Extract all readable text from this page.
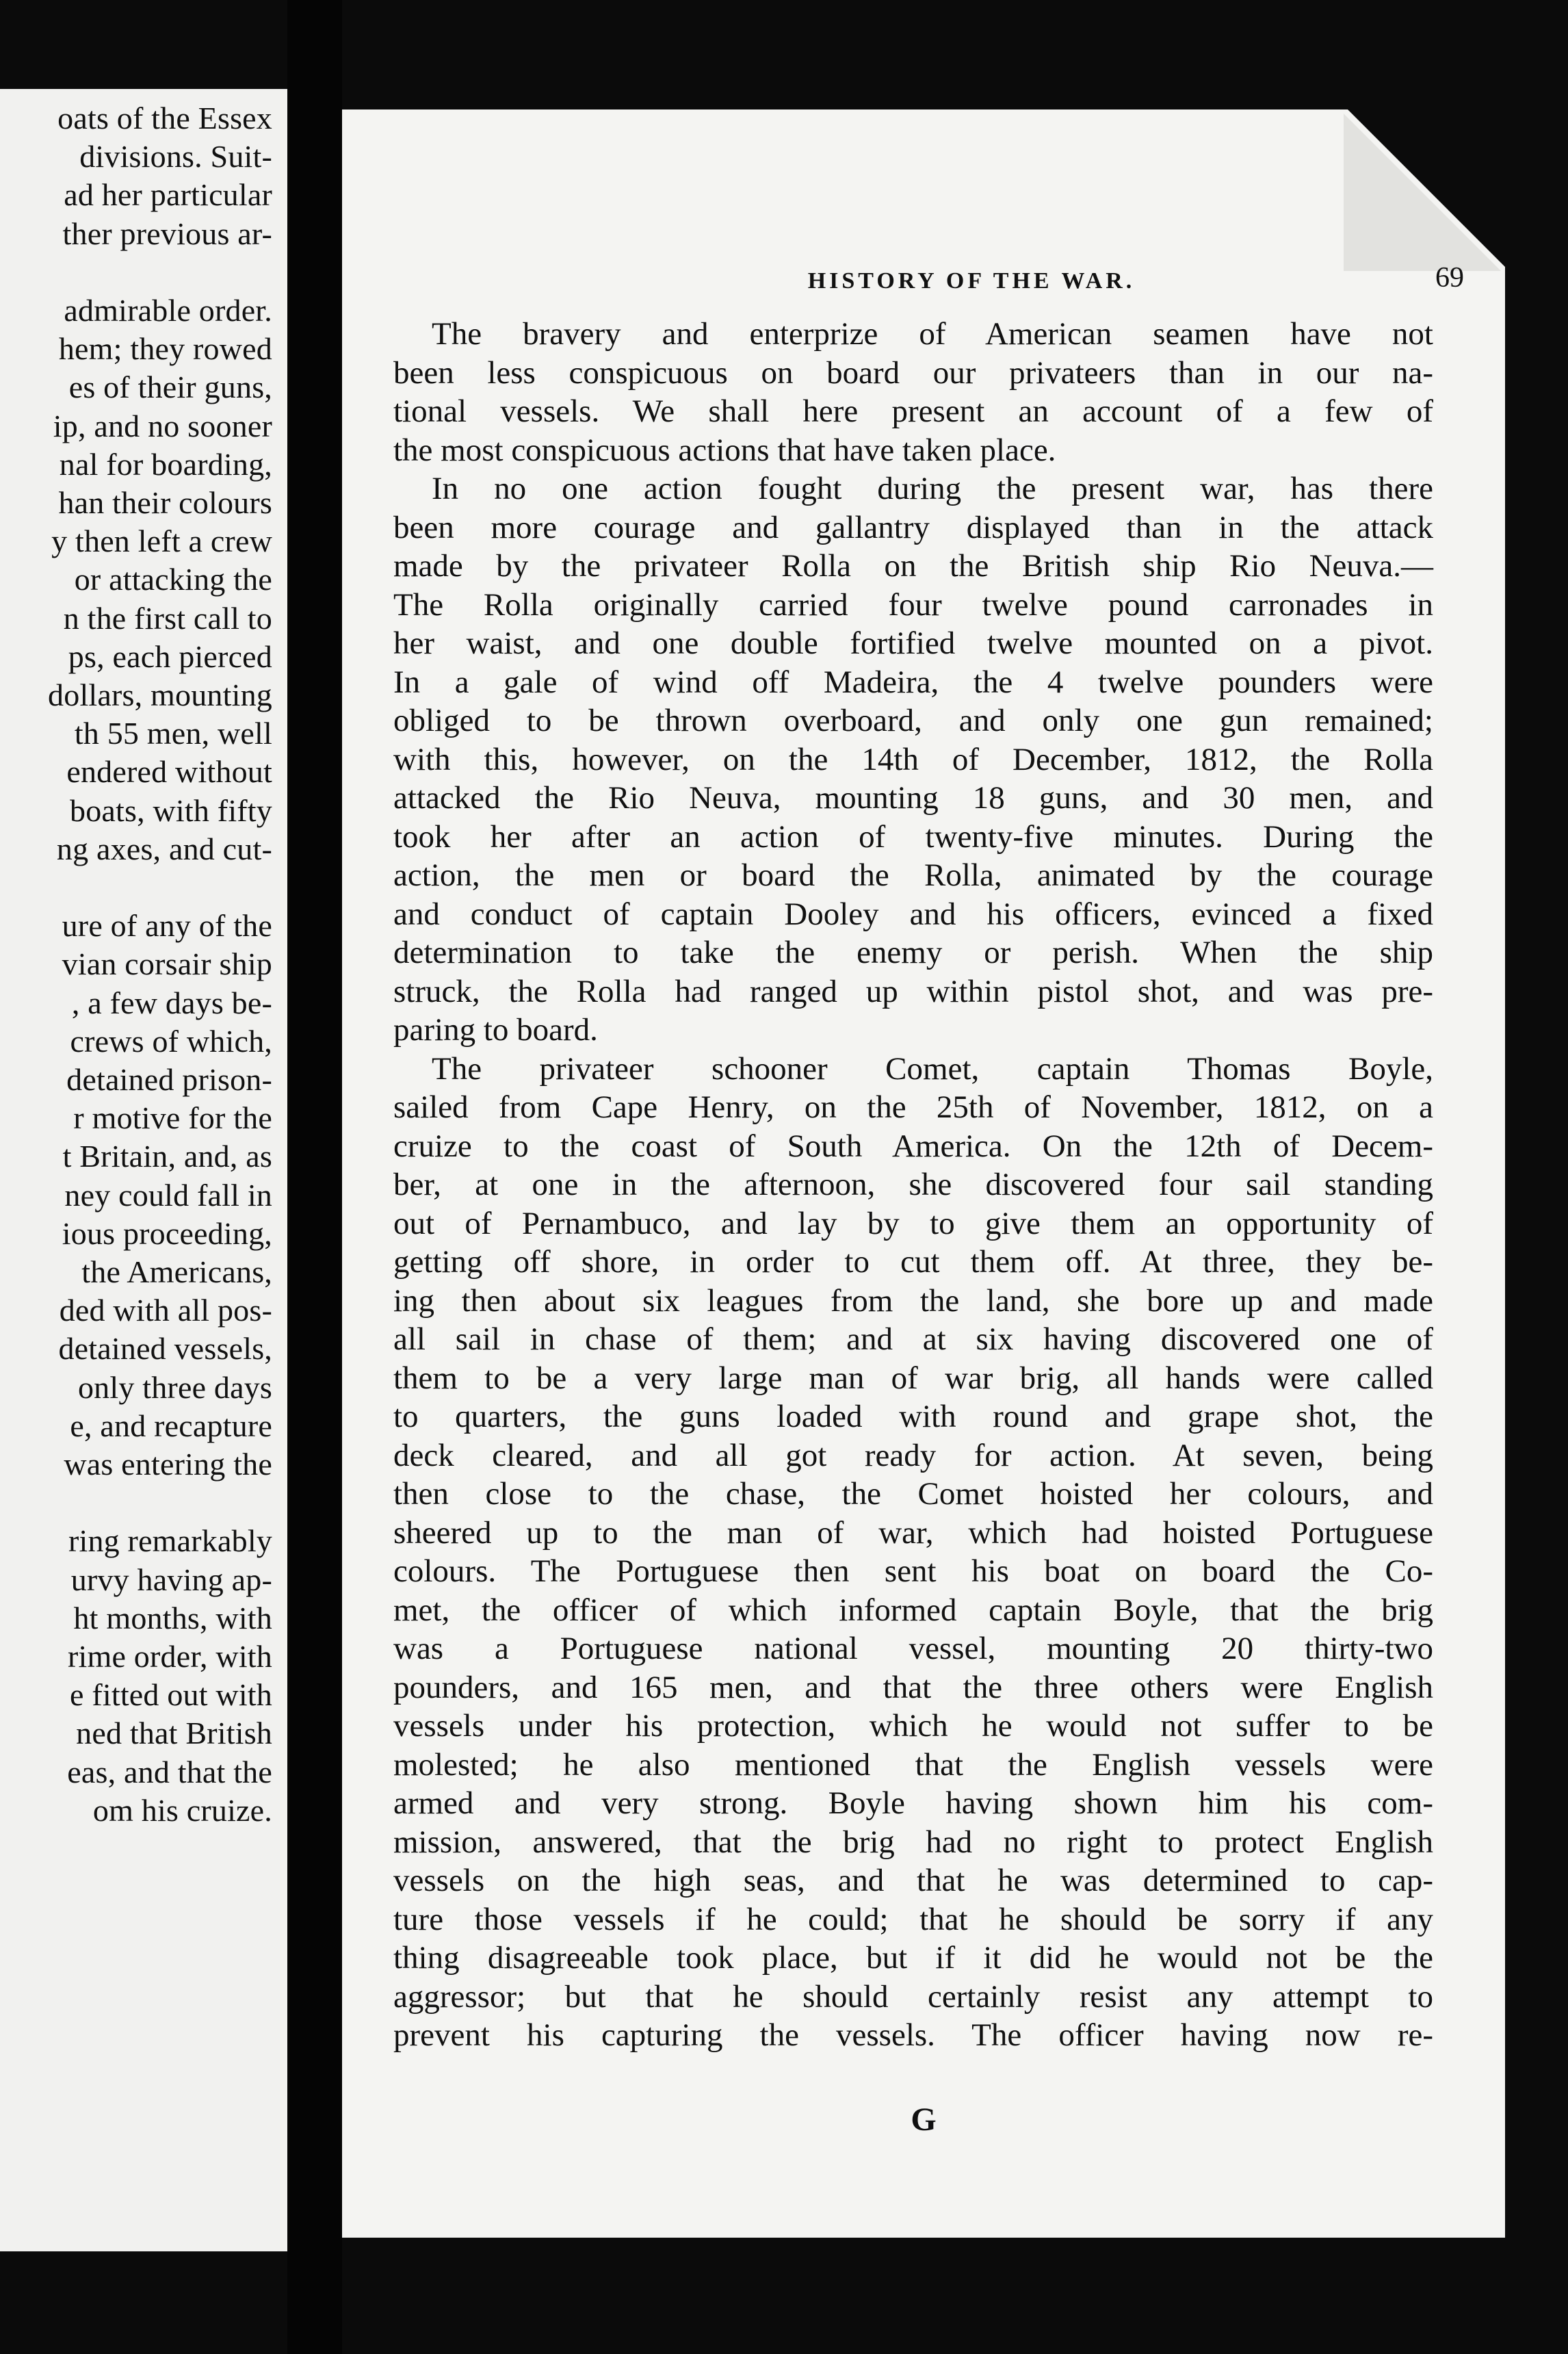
oats of the Essex
divisions. Suit-
ad her particular
ther previous ar-
admirable order.
hem; they rowed
es of their guns,
ip, and no sooner
nal for boarding,
han their colours
y then left a crew
or attacking the
n the first call to
ps, each pierced
dollars, mounting
th 55 men, well
endered without
boats, with fifty
ng axes, and cut-
ure of any of the
vian corsair ship
, a few days be-
crews of which,
detained prison-
r motive for the
t Britain, and, as
ney could fall in
ious proceeding,
the Americans,
ded with all pos-
detained vessels,
only three days
e, and recapture
was entering the
ring remarkably
urvy having ap-
ht months, with
rime order, with
e fitted out with
ned that British
eas, and that the
om his cruize.
HISTORY OF THE WAR.	69
The bravery and enterprize of American seamen have not
been less conspicuous on board our privateers than in our na-
tional vessels. We shall here present an account of a few of
the most conspicuous actions that have taken place.
In no one action fought during the present war, has there
been more courage and gallantry displayed than in the attack
made by the privateer Rolla on the British ship Rio Neuva.—
The Rolla originally carried four twelve pound carronades in
her waist, and one double fortified twelve mounted on a pivot.
In a gale of wind off Madeira, the 4 twelve pounders were
obliged to be thrown overboard, and only one gun remained;
with this, however, on the 14th of December, 1812, the Rolla
attacked the Rio Neuva, mounting 18 guns, and 30 men, and
took her after an action of twenty-five minutes. During the
action, the men or board the Rolla, animated by the courage
and conduct of captain Dooley and his officers, evinced a fixed
determination to take the enemy or perish. When the ship
struck, the Rolla had ranged up within pistol shot, and was pre-
paring to board.
The privateer schooner Comet, captain Thomas Boyle,
sailed from Cape Henry, on the 25th of November, 1812, on a
cruize to the coast of South America. On the 12th of Decem-
ber, at one in the afternoon, she discovered four sail standing
out of Pernambuco, and lay by to give them an opportunity of
getting off shore, in order to cut them off. At three, they be-
ing then about six leagues from the land, she bore up and made
all sail in chase of them; and at six having discovered one of
them to be a very large man of war brig, all hands were called
to quarters, the guns loaded with round and grape shot, the
deck cleared, and all got ready for action. At seven, being
then close to the chase, the Comet hoisted her colours, and
sheered up to the man of war, which had hoisted Portuguese
colours. The Portuguese then sent his boat on board the Co-
met, the officer of which informed captain Boyle, that the brig
was a Portuguese national vessel, mounting 20 thirty-two
pounders, and 165 men, and that the three others were English
vessels under his protection, which he would not suffer to be
molested; he also mentioned that the English vessels were
armed and very strong. Boyle having shown him his com-
mission, answered, that the brig had no right to protect English
vessels on the high seas, and that he was determined to cap-
ture those vessels if he could; that he should be sorry if any
thing disagreeable took place, but if it did he would not be the
aggressor; but that he should certainly resist any attempt to
prevent his capturing the vessels. The officer having now re-
G
